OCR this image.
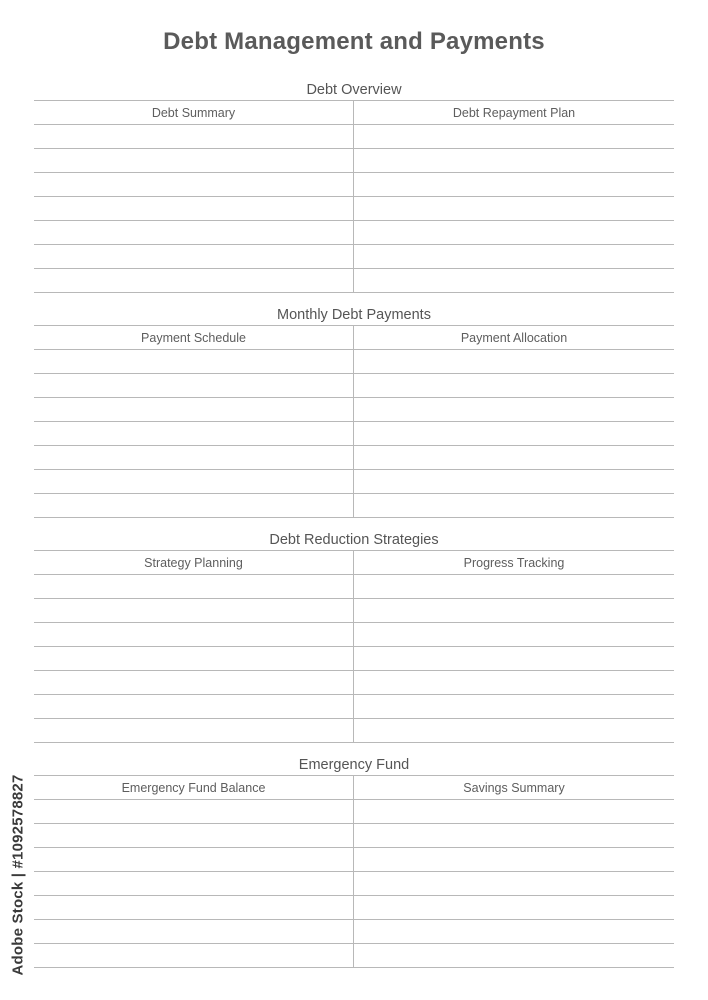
Debt Management and Payments
Debt Overview
Debt Summary	Debt Repayment Plan
Monthly Debt Payments
Payment Schedule	Payment Allocation
Debt Reduction Strategies
Strategy Planning	Progress Tracking
Emergency Fund
Emergency Fund Balance	Savings Summary
Adobe Stock | #1092578827
